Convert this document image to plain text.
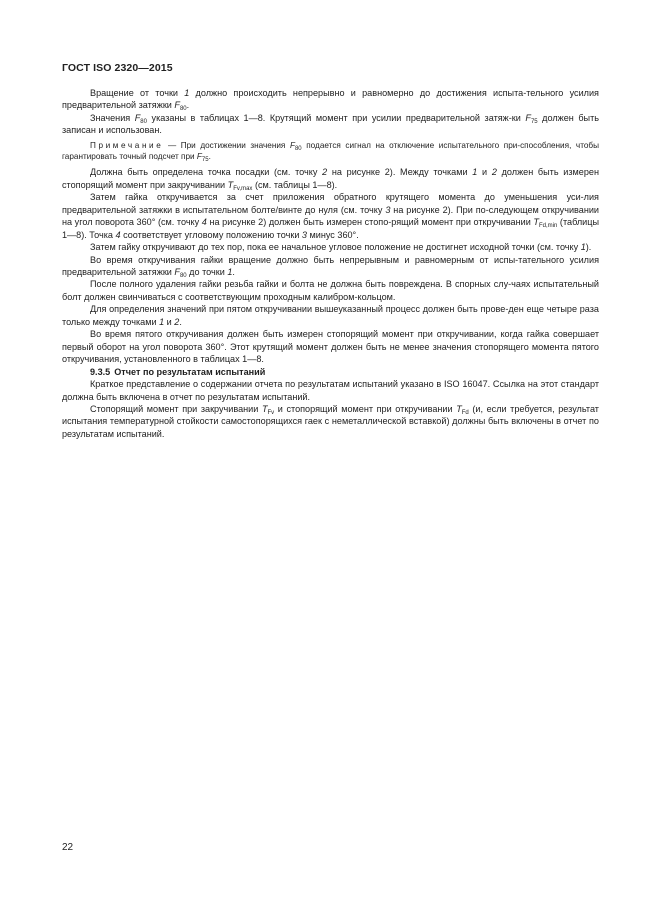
ГОСТ ISO 2320—2015

Вращение от точки 1 должно происходить непрерывно и равномерно до достижения испыта-тельного усилия предварительной затяжки $F_{80}$.

Значения $F_{80}$ указаны в таблицах 1—8. Крутящий момент при усилии предварительной затяж-ки $F_{75}$ должен быть записан и использован.

Примечание — При достижении значения $F_{80}$ подается сигнал на отключение испытательного при-способления, чтобы гарантировать точный подсчет при $F_{75}$.

Должна быть определена точка посадки (см. точку 2 на рисунке 2). Между точками 1 и 2 должен быть измерен стопорящий момент при закручивании $T_{Fv,max}$ (см. таблицы 1—8).

Затем гайка откручивается за счет приложения обратного крутящего момента до уменьшения уси-лия предварительной затяжки в испытательном болте/винте до нуля (см. точку 3 на рисунке 2). При по-следующем откручивании на угол поворота 360° (см. точку 4 на рисунке 2) должен быть измерен стопо-рящий момент при откручивании $T_{Fd,min}$ (таблицы 1—8). Точка 4 соответствует угловому положению точки 3 минус 360°.

Затем гайку откручивают до тех пор, пока ее начальное угловое положение не достигнет исходной точки (см. точку 1).

Во время откручивания гайки вращение должно быть непрерывным и равномерным от испы-тательного усилия предварительной затяжки $F_{80}$ до точки 1.

После полного удаления гайки резьба гайки и болта не должна быть повреждена. В спорных слу-чаях испытательный болт должен свинчиваться с соответствующим проходным калибром-кольцом.

Для определения значений при пятом откручивании вышеуказанный процесс должен быть прове-ден еще четыре раза только между точками 1 и 2.

Во время пятого откручивания должен быть измерен стопорящий момент при откручивании, когда гайка совершает первый оборот на угол поворота 360°. Этот крутящий момент должен быть не менее значения стопорящего момента пятого откручивания, установленного в таблицах 1—8.

9.3.5 Отчет по результатам испытаний

Краткое представление о содержании отчета по результатам испытаний указано в ISO 16047. Cсылка на этот стандарт должна быть включена в отчет по результатам испытаний.

Стопорящий момент при закручивании $T_{Fv}$ и стопорящий момент при откручивании $T_{Fd}$ (и, если требуется, результат испытания температурной стойкости самостопорящихся гаек с неметаллической вставкой) должны быть включены в отчет по результатам испытаний.

22
